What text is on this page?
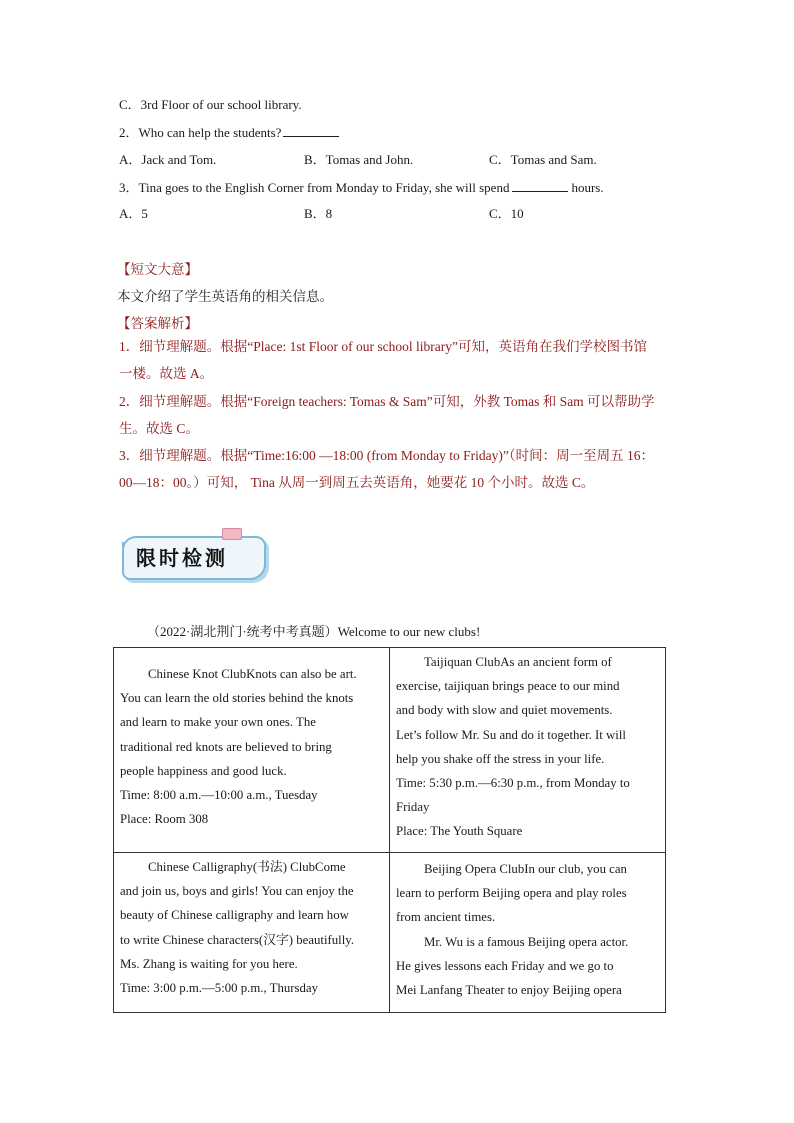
C．3rd Floor of our school library.
2．Who can help the students?
A．Jack and Tom.	B．Tomas and John.	C．Tomas and Sam.
3．Tina goes to the English Corner from Monday to Friday, she will spend	hours.
A．5	B．8	C．10
【短文大意】
本文介绍了学生英语角的相关信息。
【答案解析】
1．细节理解题。根据“Place: 1st Floor of our school library”可知，英语角在我们学校图书馆
一楼。故选 A。
2．细节理解题。根据“Foreign teachers: Tomas & Sam”可知，外教 Tomas 和 Sam 可以帮助学
生。故选 C。
3．细节理解题。根据“Time:16:00 —18:00 (from Monday to Friday)”（时间：周一至周五 16：
00—18：00。）可知， Tina 从周一到周五去英语角，她要花 10 个小时。故选 C。
限时检测
（2022·湖北荆门·统考中考真题）Welcome to our new clubs!
Chinese Knot ClubKnots can also be art.
You can learn the old stories behind the knots
and learn to make your own ones. The
traditional red knots are believed to bring
people happiness and good luck.
Time: 8:00 a.m.—10:00 a.m., Tuesday
Place: Room 308
Taijiquan ClubAs an ancient form of
exercise, taijiquan brings peace to our mind
and body with slow and quiet movements.
Let’s follow Mr. Su and do it together. It will
help you shake off the stress in your life.
Time: 5:30 p.m.—6:30 p.m., from Monday to
Friday
Place: The Youth Square
Chinese Calligraphy(书法) ClubCome
and join us, boys and girls! You can enjoy the
beauty of Chinese calligraphy and learn how
to write Chinese characters(汉字) beautifully.
Ms. Zhang is waiting for you here.
Time: 3:00 p.m.—5:00 p.m., Thursday
Beijing Opera ClubIn our club, you can
learn to perform Beijing opera and play roles
from ancient times.
Mr. Wu is a famous Beijing opera actor.
He gives lessons each Friday and we go to
Mei Lanfang Theater to enjoy Beijing opera
